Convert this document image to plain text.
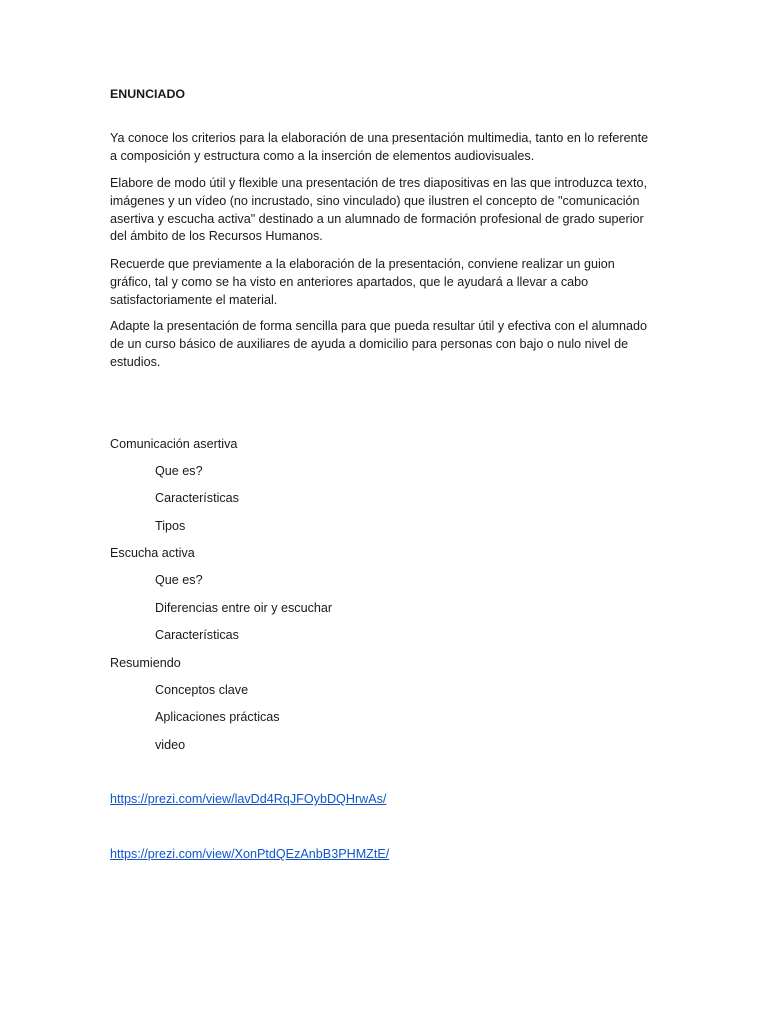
ENUNCIADO

Ya conoce los criterios para la elaboración de una presentación multimedia, tanto en lo referente a composición y estructura como a la inserción de elementos audiovisuales.

Elabore de modo útil y flexible una presentación de tres diapositivas en las que introduzca texto, imágenes y un vídeo (no incrustado, sino vinculado) que ilustren el concepto de "comunicación asertiva y escucha activa" destinado a un alumnado de formación profesional de grado superior del ámbito de los Recursos Humanos.

Recuerde que previamente a la elaboración de la presentación, conviene realizar un guion gráfico, tal y como se ha visto en anteriores apartados, que le ayudará a llevar a cabo satisfactoriamente el material.

Adapte la presentación de forma sencilla para que pueda resultar útil y efectiva con el alumnado de un curso básico de auxiliares de ayuda a domicilio para personas con bajo o nulo nivel de estudios.

Comunicación asertiva
Que es?
Características
Tipos
Escucha activa
Que es?
Diferencias entre oir y escuchar
Características
Resumiendo
Conceptos clave
Aplicaciones prácticas
video
https://prezi.com/view/lavDd4RqJFOybDQHrwAs/
https://prezi.com/view/XonPtdQEzAnbB3PHMZtE/
